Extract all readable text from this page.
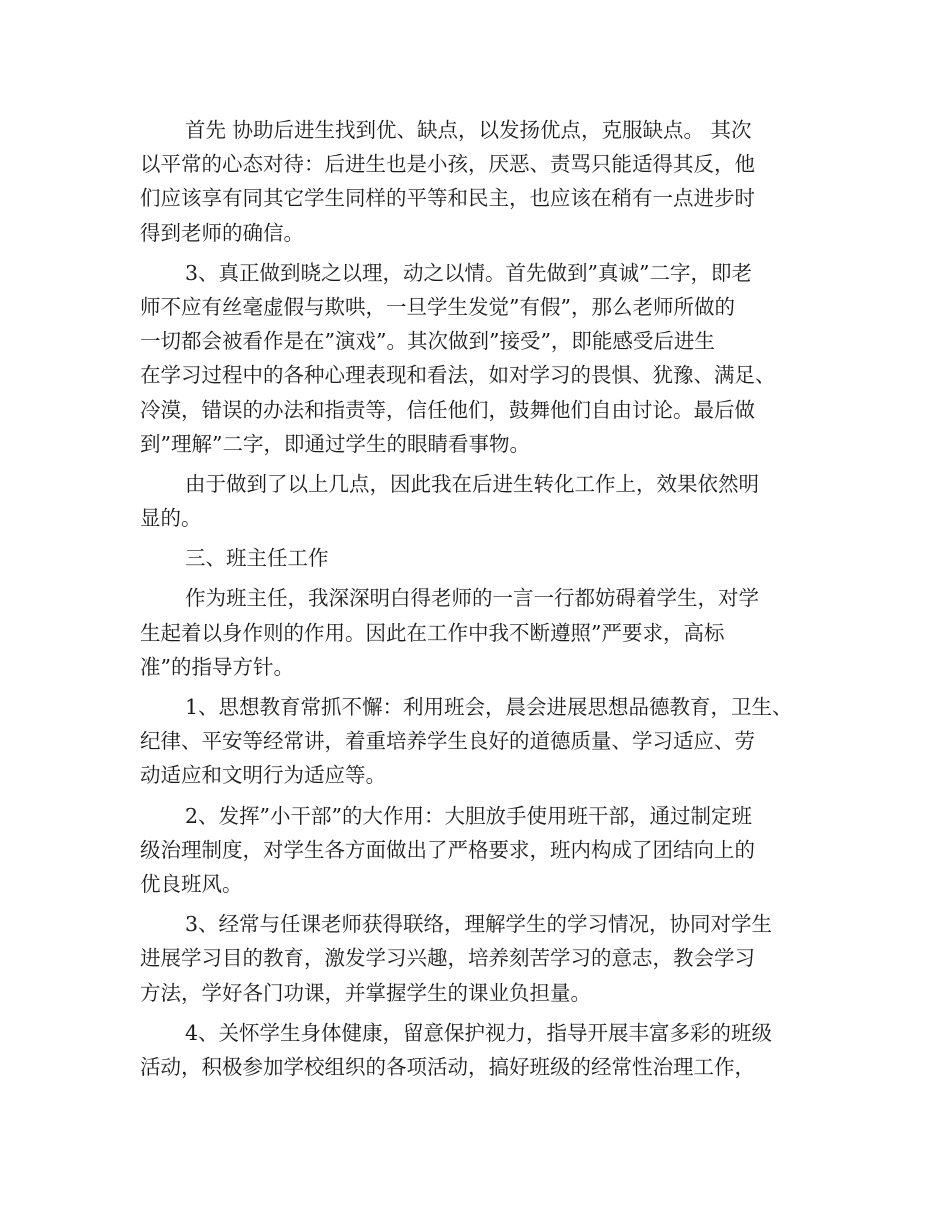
首先 协助后进生找到优、缺点，以发扬优点，克服缺点。 其次
以平常的心态对待：后进生也是小孩，厌恶、责骂只能适得其反，他
们应该享有同其它学生同样的平等和民主，也应该在稍有一点进步时
得到老师的确信。
3、真正做到晓之以理，动之以情。首先做到”真诚”二字，即老
师不应有丝毫虚假与欺哄，一旦学生发觉”有假”，那么老师所做的
一切都会被看作是在”演戏”。其次做到”接受”，即能感受后进生
在学习过程中的各种心理表现和看法，如对学习的畏惧、犹豫、满足、
冷漠，错误的办法和指责等，信任他们，鼓舞他们自由讨论。最后做
到”理解”二字，即通过学生的眼睛看事物。
由于做到了以上几点，因此我在后进生转化工作上，效果依然明
显的。
三、班主任工作
作为班主任，我深深明白得老师的一言一行都妨碍着学生，对学
生起着以身作则的作用。因此在工作中我不断遵照”严要求，高标
准”的指导方针。
1、思想教育常抓不懈：利用班会，晨会进展思想品德教育，卫生、
纪律、平安等经常讲，着重培养学生良好的道德质量、学习适应、劳
动适应和文明行为适应等。
2、发挥”小干部”的大作用：大胆放手使用班干部，通过制定班
级治理制度，对学生各方面做出了严格要求，班内构成了团结向上的
优良班风。
3、经常与任课老师获得联络，理解学生的学习情况，协同对学生
进展学习目的教育，激发学习兴趣，培养刻苦学习的意志，教会学习
方法，学好各门功课，并掌握学生的课业负担量。
4、关怀学生身体健康，留意保护视力，指导开展丰富多彩的班级
活动，积极参加学校组织的各项活动，搞好班级的经常性治理工作，
